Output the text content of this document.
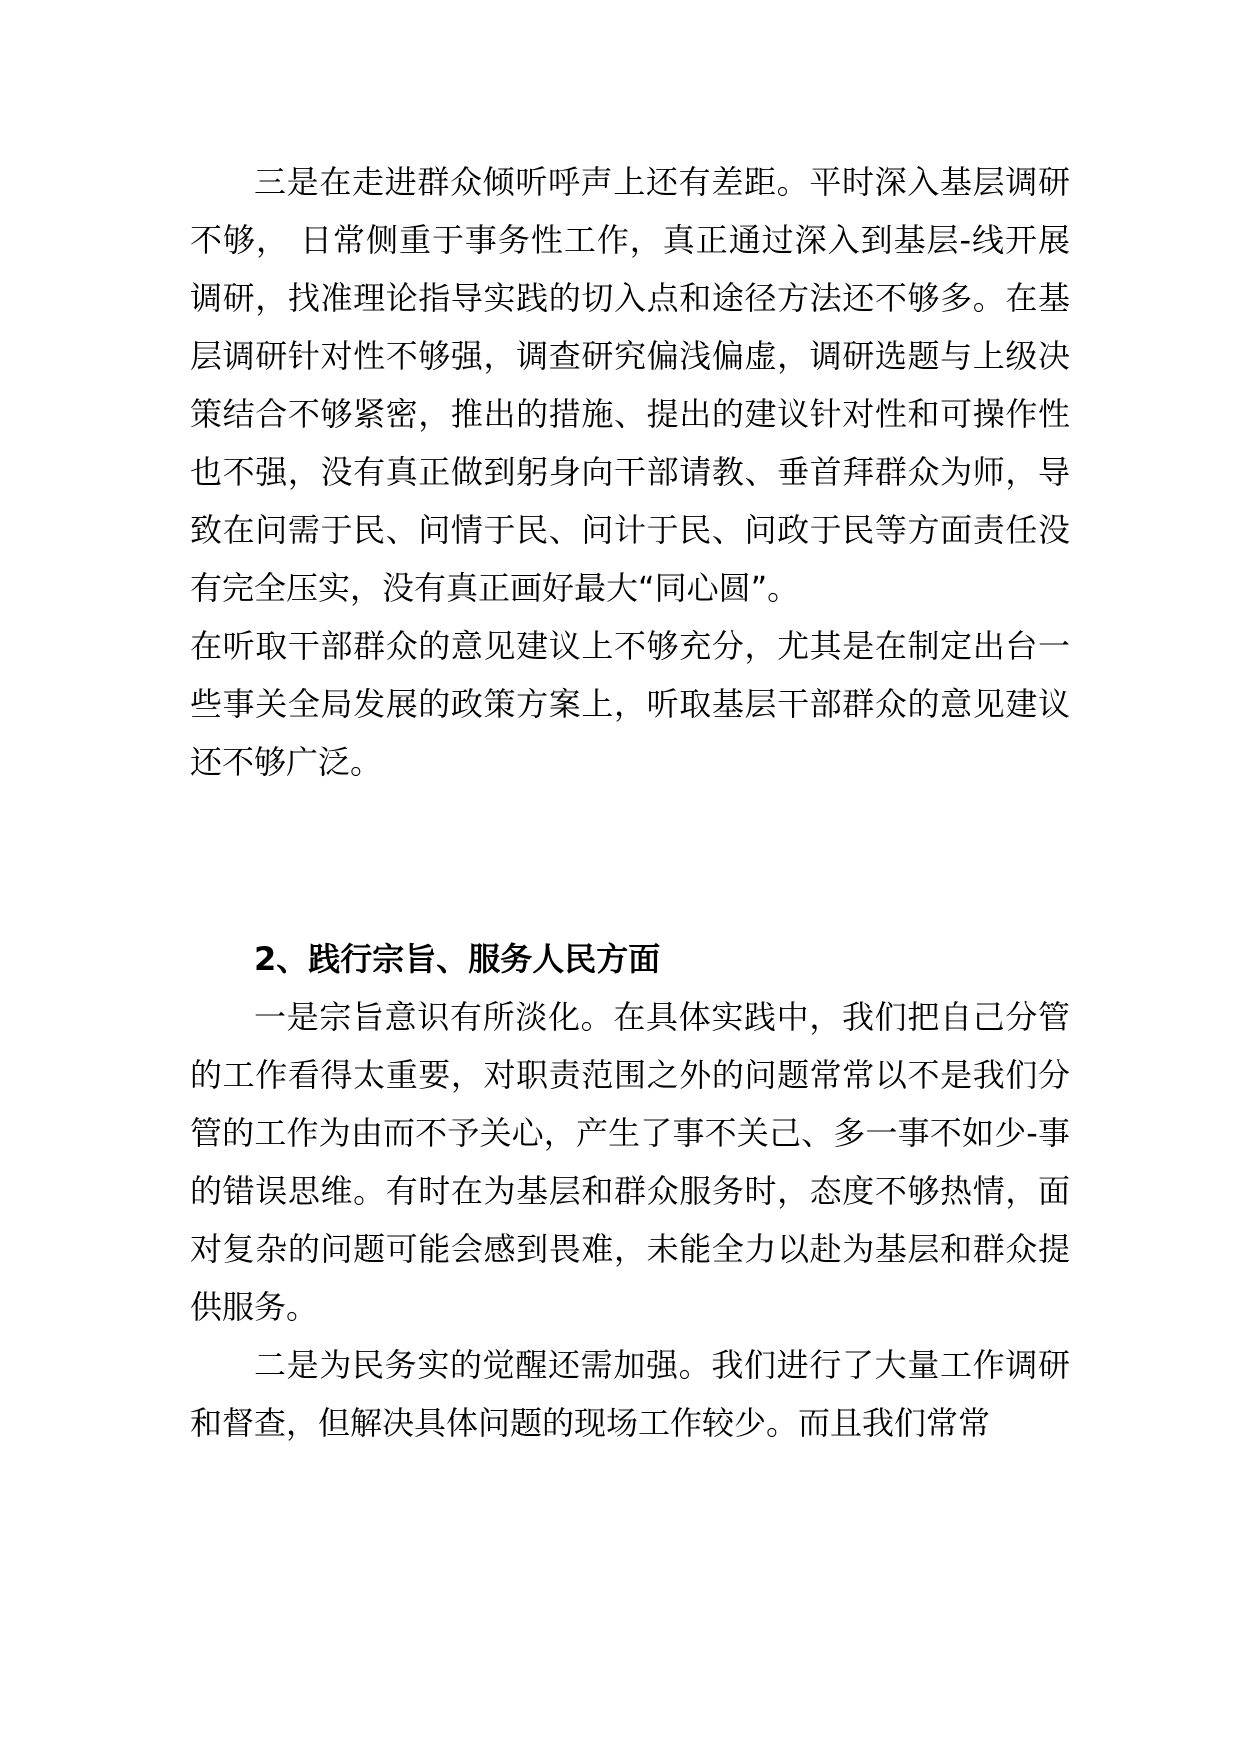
三是在走进群众倾听呼声上还有差距。平时深入基层调研不够， 日常侧重于事务性工作，真正通过深入到基层-线开展调研，找准理论指导实践的切入点和途径方法还不够多。在基层调研针对性不够强，调查研究偏浅偏虚，调研选题与上级决策结合不够紧密，推出的措施、提出的建议针对性和可操作性也不强，没有真正做到躬身向干部请教、垂首拜群众为师，导致在问需于民、问情于民、问计于民、问政于民等方面责任没有完全压实，没有真正画好最大“同心圆”。

在听取干部群众的意见建议上不够充分，尤其是在制定出台一些事关全局发展的政策方案上，听取基层干部群众的意见建议还不够广泛。

2、践行宗旨、服务人民方面

一是宗旨意识有所淡化。在具体实践中，我们把自己分管的工作看得太重要，对职责范围之外的问题常常以不是我们分管的工作为由而不予关心，产生了事不关己、多一事不如少-事的错误思维。有时在为基层和群众服务时，态度不够热情，面对复杂的问题可能会感到畏难，未能全力以赴为基层和群众提供服务。

二是为民务实的觉醒还需加强。我们进行了大量工作调研和督查，但解决具体问题的现场工作较少。而且我们常常
